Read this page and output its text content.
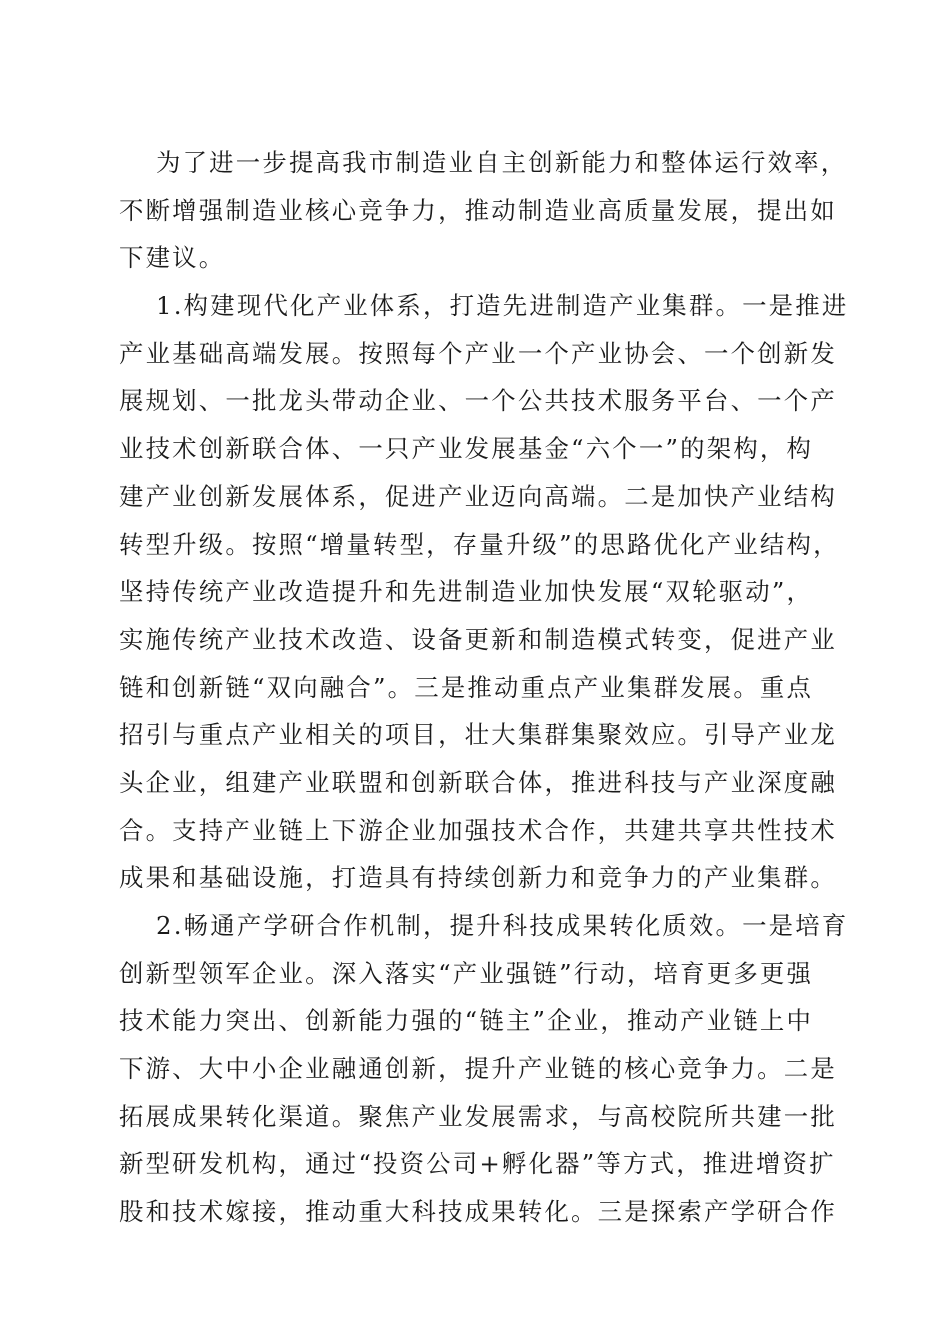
为了进一步提高我市制造业自主创新能力和整体运行效率，
不断增强制造业核心竞争力，推动制造业高质量发展，提出如
下建议。
1.构建现代化产业体系，打造先进制造产业集群。一是推进
产业基础高端发展。按照每个产业一个产业协会、一个创新发
展规划、一批龙头带动企业、一个公共技术服务平台、一个产
业技术创新联合体、一只产业发展基金“六个一”的架构，构
建产业创新发展体系，促进产业迈向高端。二是加快产业结构
转型升级。按照“增量转型，存量升级”的思路优化产业结构，
坚持传统产业改造提升和先进制造业加快发展“双轮驱动”，
实施传统产业技术改造、设备更新和制造模式转变，促进产业
链和创新链“双向融合”。三是推动重点产业集群发展。重点
招引与重点产业相关的项目，壮大集群集聚效应。引导产业龙
头企业，组建产业联盟和创新联合体，推进科技与产业深度融
合。支持产业链上下游企业加强技术合作，共建共享共性技术
成果和基础设施，打造具有持续创新力和竞争力的产业集群。
2.畅通产学研合作机制，提升科技成果转化质效。一是培育
创新型领军企业。深入落实“产业强链”行动，培育更多更强
技术能力突出、创新能力强的“链主”企业，推动产业链上中
下游、大中小企业融通创新，提升产业链的核心竞争力。二是
拓展成果转化渠道。聚焦产业发展需求，与高校院所共建一批
新型研发机构，通过“投资公司+孵化器”等方式，推进增资扩
股和技术嫁接，推动重大科技成果转化。三是探索产学研合作
